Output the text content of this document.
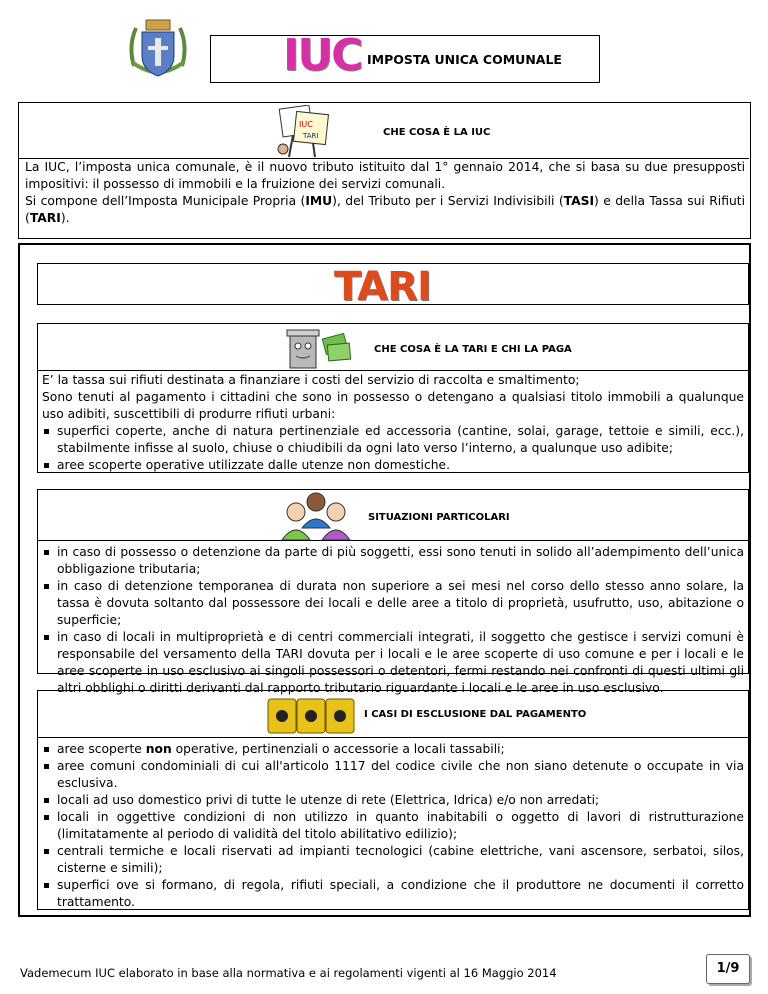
IUC IMPOSTA UNICA COMUNALE
IUC
TARI	CHE COSA È LA IUC

La IUC, l’imposta unica comunale, è il nuovo tributo istituito dal 1° gennaio 2014, che si basa su due presupposti impositivi: il possesso di immobili e la fruizione dei servizi comunali.

Si compone dell’Imposta Municipale Propria (IMU), del Tributo per i Servizi Indivisibili (TASI) e della Tassa sui Rifiuti (TARI).

TARI
CHE COSA È LA TARI E CHI LA PAGA

E’ la tassa sui rifiuti destinata a finanziare i costi del servizio di raccolta e smaltimento;

Sono tenuti al pagamento i cittadini che sono in possesso o detengano a qualsiasi titolo immobili a qualunque uso adibiti, suscettibili di produrre rifiuti urbani:

superfici coperte, anche di natura pertinenziale ed accessoria (cantine, solai, garage, tettoie e simili, ecc.), stabilmente infisse al suolo, chiuse o chiudibili da ogni lato verso l’interno, a qualunque uso adibite;
aree scoperte operative utilizzate dalle utenze non domestiche.
SITUAZIONI PARTICOLARI
in caso di possesso o detenzione da parte di più soggetti, essi sono tenuti in solido all’adempimento dell’unica obbligazione tributaria;
in caso di detenzione temporanea di durata non superiore a sei mesi nel corso dello stesso anno solare, la tassa è dovuta soltanto dal possessore dei locali e delle aree a titolo di proprietà, usufrutto, uso, abitazione o superficie;
in caso di locali in multiproprietà e di centri commerciali integrati, il soggetto che gestisce i servizi comuni è responsabile del versamento della TARI dovuta per i locali e le aree scoperte di uso comune e per i locali e le aree scoperte in uso esclusivo ai singoli possessori o detentori, fermi restando nei confronti di questi ultimi gli altri obblighi o diritti derivanti dal rapporto tributario riguardante i locali e le aree in uso esclusivo.
I CASI DI ESCLUSIONE DAL PAGAMENTO
aree scoperte non operative, pertinenziali o accessorie a locali tassabili;
aree comuni condominiali di cui all'articolo 1117 del codice civile che non siano detenute o occupate in via esclusiva.
locali ad uso domestico privi di tutte le utenze di rete (Elettrica, Idrica) e/o non arredati;
locali in oggettive condizioni di non utilizzo in quanto inabitabili o oggetto di lavori di ristrutturazione (limitatamente al periodo di validità del titolo abilitativo edilizio);
centrali termiche e locali riservati ad impianti tecnologici (cabine elettriche, vani ascensore, serbatoi, silos, cisterne e simili);
superfici ove si formano, di regola, rifiuti speciali, a condizione che il produttore ne documenti il corretto trattamento.
Vademecum IUC elaborato in base alla normativa e ai regolamenti vigenti al 16 Maggio 2014	1/9
